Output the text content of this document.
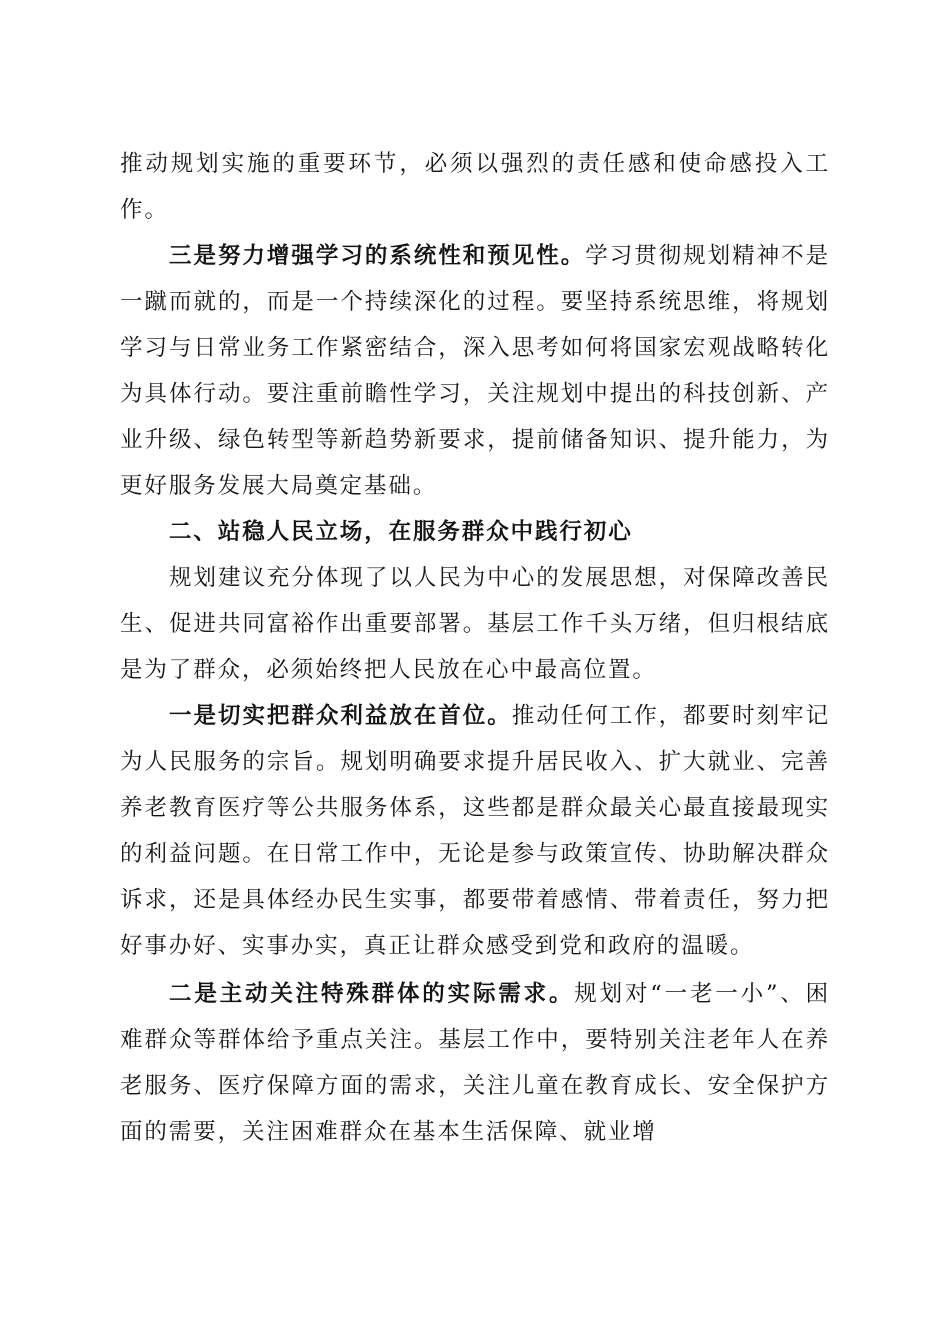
推动规划实施的重要环节，必须以强烈的责任感和使命感投入工作。

三是努力增强学习的系统性和预见性。学习贯彻规划精神不是一蹴而就的，而是一个持续深化的过程。要坚持系统思维，将规划学习与日常业务工作紧密结合，深入思考如何将国家宏观战略转化为具体行动。要注重前瞻性学习，关注规划中提出的科技创新、产业升级、绿色转型等新趋势新要求，提前储备知识、提升能力，为更好服务发展大局奠定基础。

二、站稳人民立场，在服务群众中践行初心

规划建议充分体现了以人民为中心的发展思想，对保障改善民生、促进共同富裕作出重要部署。基层工作千头万绪，但归根结底是为了群众，必须始终把人民放在心中最高位置。

一是切实把群众利益放在首位。推动任何工作，都要时刻牢记为人民服务的宗旨。规划明确要求提升居民收入、扩大就业、完善养老教育医疗等公共服务体系，这些都是群众最关心最直接最现实的利益问题。在日常工作中，无论是参与政策宣传、协助解决群众诉求，还是具体经办民生实事，都要带着感情、带着责任，努力把好事办好、实事办实，真正让群众感受到党和政府的温暖。

二是主动关注特殊群体的实际需求。规划对“一老一小”、困难群众等群体给予重点关注。基层工作中，要特别关注老年人在养老服务、医疗保障方面的需求，关注儿童在教育成长、安全保护方面的需要，关注困难群众在基本生活保障、就业增
